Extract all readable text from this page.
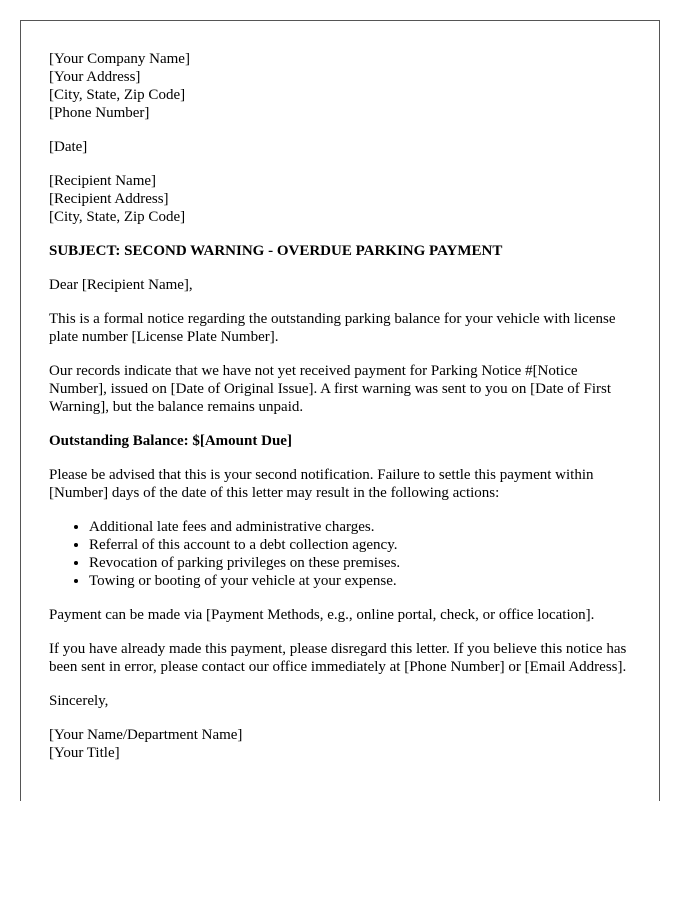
[Your Company Name]
[Your Address]
[City, State, Zip Code]
[Phone Number]
[Date]
[Recipient Name]
[Recipient Address]
[City, State, Zip Code]
SUBJECT: SECOND WARNING - OVERDUE PARKING PAYMENT

Dear [Recipient Name],

This is a formal notice regarding the outstanding parking balance for your vehicle with license plate number [License Plate Number].

Our records indicate that we have not yet received payment for Parking Notice #[Notice Number], issued on [Date of Original Issue]. A first warning was sent to you on [Date of First Warning], but the balance remains unpaid.

Outstanding Balance: $[Amount Due]

Please be advised that this is your second notification. Failure to settle this payment within [Number] days of the date of this letter may result in the following actions:

• Additional late fees and administrative charges.
• Referral of this account to a debt collection agency.
• Revocation of parking privileges on these premises.
• Towing or booting of your vehicle at your expense.

Payment can be made via [Payment Methods, e.g., online portal, check, or office location].

If you have already made this payment, please disregard this letter. If you believe this notice has been sent in error, please contact our office immediately at [Phone Number] or [Email Address].

Sincerely,

[Your Name/Department Name]
[Your Title]
